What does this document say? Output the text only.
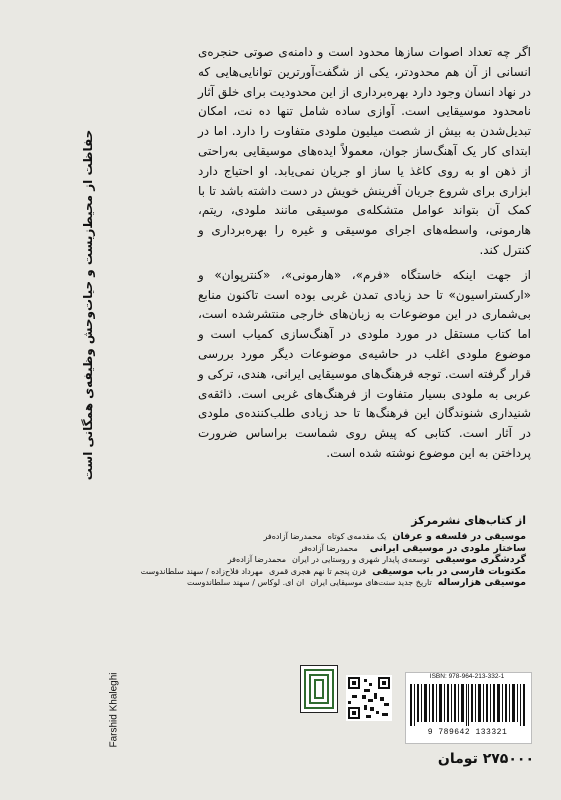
حفاظت از محیط‌زیست و حیات‌وحش وظیفه‌ی همگانی است
Farshid Khaleghi

اگر چه تعداد اصوات سازها محدود است و دامنه‌ی صوتی حنجره‌ی انسانی از آن هم محدودتر، یکی از شگفت‌آورترین توانایی‌هایی که در نهاد انسان وجود دارد بهره‌برداری از این محدودیت برای خلق آثار نامحدود موسیقایی است. آوازی ساده شامل تنها ده نت، امکان تبدیل‌شدن به بیش از شصت میلیون ملودی متفاوت را دارد. اما در ابتدای کار یک آهنگ‌ساز جوان، معمولاً ایده‌های موسیقایی به‌راحتی از ذهن او به روی کاغذ یا ساز او جریان نمی‌یابد. او احتیاج دارد ابزاری برای شروع جریان آفرینش خویش در دست داشته باشد تا با کمک آن بتواند عوامل متشکله‌ی موسیقی مانند ملودی، ریتم، هارمونی، واسطه‌های اجرای موسیقی و غیره را بهره‌برداری و کنترل کند.

از جهت اینکه خاستگاه «فرم»، «هارمونی»، «کنترپوان» و «ارکستراسیون» تا حد زیادی تمدن غربی بوده است تاکنون منابع بی‌شماری در این موضوعات به زبان‌های خارجی منتشرشده است، اما کتاب مستقل در مورد ملودی در آهنگ‌سازی کمیاب است و موضوع ملودی اغلب در حاشیه‌ی موضوعات دیگر مورد بررسی قرار گرفته است. توجه فرهنگ‌های موسیقایی ایرانی، هندی، ترکی و عربی به ملودی بسیار متفاوت از فرهنگ‌های غربی است. ذائقه‌ی شنیداری شنوندگان این فرهنگ‌ها تا حد زیادی طلب‌کننده‌ی ملودی در آثار است. کتابی که پیش روی شماست براساس ضرورت پرداختن به این موضوع نوشته شده است.

از کتاب‌های نشرمرکز
موسیقی در فلسفه و عرفان
یک مقدمه‌ی کوتاه
محمدرضا آزاده‌فر
ساختار ملودی در موسیقی ایرانی
محمدرضا آزاده‌فر
گردشگری موسیقی
توسعه‌ی پایدار شهری و روستایی در ایران
محمدرضا آزاده‌فر
مکتوبات فارسی در باب موسیقی
قرن پنجم تا نهم هجری قمری
مهرداد فلاح‌زاده / سهند سلطاندوست
موسیقی هزارساله
تاریخ جدید سنت‌های موسیقایی ایران
ان ای. لوکاس / سهند سلطاندوست
ISBN: 978-964-213-332-1
9 789642 133321
۲۷۵۰۰۰ تومان
